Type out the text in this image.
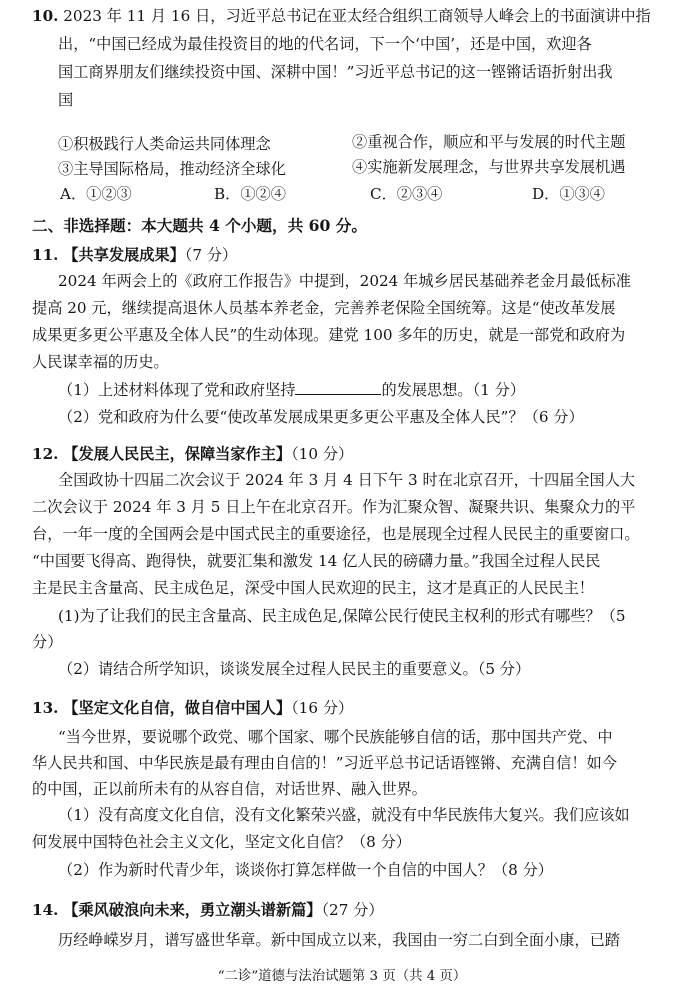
10. 2023 年 11 月 16 日，习近平总书记在亚太经合组织工商领导人峰会上的书面演讲中指
出，“中国已经成为最佳投资目的地的代名词，下一个‘中国’，还是中国，欢迎各
国工商界朋友们继续投资中国、深耕中国！”习近平总书记的这一铿锵话语折射出我
国
①积极践行人类命运共同体理念	②重视合作，顺应和平与发展的时代主题
③主导国际格局，推动经济全球化	④实施新发展理念，与世界共享发展机遇
A．①②③	B．①②④	C．②③④	D．①③④
二、非选择题：本大题共 4 个小题，共 60 分。
11. 【共享发展成果】（7 分）
2024 年两会上的《政府工作报告》中提到，2024 年城乡居民基础养老金月最低标准
提高 20 元，继续提高退休人员基本养老金，完善养老保险全国统筹。这是“使改革发展
成果更多更公平惠及全体人民”的生动体现。建党 100 多年的历史，就是一部党和政府为
人民谋幸福的历史。
（1）上述材料体现了党和政府坚持	的发展思想。（1 分）
（2）党和政府为什么要“使改革发展成果更多更公平惠及全体人民”？（6 分）
12. 【发展人民民主，保障当家作主】（10 分）
全国政协十四届二次会议于 2024 年 3 月 4 日下午 3 时在北京召开，十四届全国人大
二次会议于 2024 年 3 月 5 日上午在北京召开。作为汇聚众智、凝聚共识、集聚众力的平
台，一年一度的全国两会是中国式民主的重要途径，也是展现全过程人民民主的重要窗口。
“中国要飞得高、跑得快，就要汇集和激发 14 亿人民的磅礴力量。”我国全过程人民民
主是民主含量高、民主成色足，深受中国人民欢迎的民主，这才是真正的人民民主！
(1)为了让我们的民主含量高、民主成色足,保障公民行使民主权利的形式有哪些？（5
分）
（2）请结合所学知识，谈谈发展全过程人民民主的重要意义。（5 分）
13. 【坚定文化自信，做自信中国人】（16 分）
“当今世界，要说哪个政党、哪个国家、哪个民族能够自信的话，那中国共产党、中
华人民共和国、中华民族是最有理由自信的！”习近平总书记话语铿锵、充满自信！如今
的中国，正以前所未有的从容自信，对话世界、融入世界。
（1）没有高度文化自信，没有文化繁荣兴盛，就没有中华民族伟大复兴。我们应该如
何发展中国特色社会主义文化，坚定文化自信？（8 分）
（2）作为新时代青少年，谈谈你打算怎样做一个自信的中国人？（8 分）
14. 【乘风破浪向未来，勇立潮头谱新篇】（27 分）
历经峥嵘岁月，谱写盛世华章。新中国成立以来，我国由一穷二白到全面小康，已踏
“二诊”道德与法治试题第 3 页（共 4 页）
